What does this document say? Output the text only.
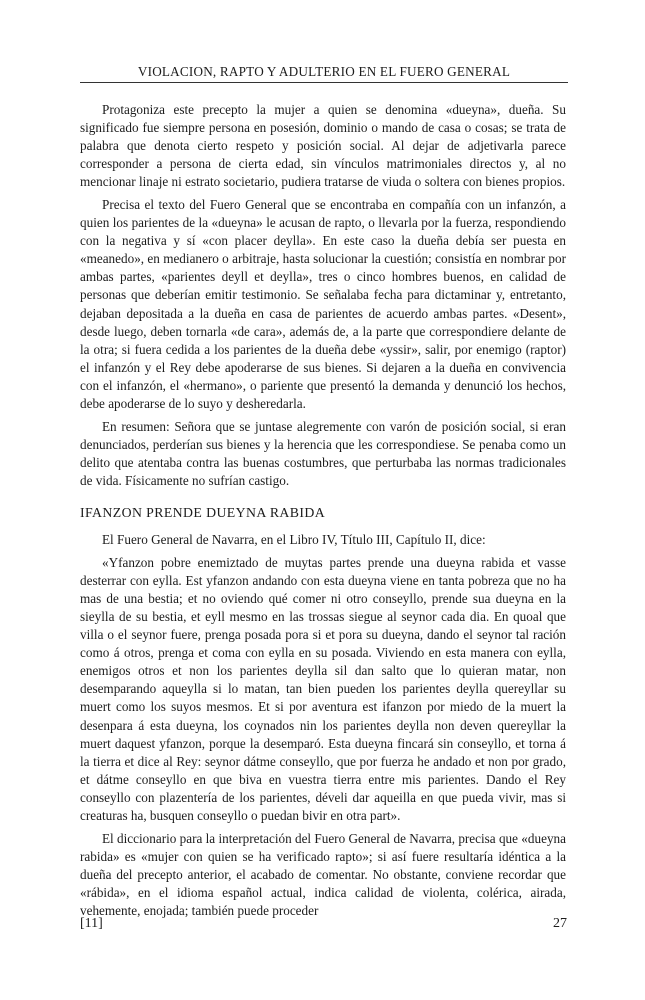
VIOLACION, RAPTO Y ADULTERIO EN EL FUERO GENERAL

Protagoniza este precepto la mujer a quien se denomina «dueyna», dueña. Su significado fue siempre persona en posesión, dominio o mando de casa o cosas; se trata de palabra que denota cierto respeto y posición social. Al dejar de adjetivarla parece corresponder a persona de cierta edad, sin vínculos matrimoniales directos y, al no mencionar linaje ni estrato societario, pudiera tratarse de viuda o soltera con bienes propios.

Precisa el texto del Fuero General que se encontraba en compañía con un infanzón, a quien los parientes de la «dueyna» le acusan de rapto, o llevarla por la fuerza, respondiendo con la negativa y sí «con placer deylla». En este caso la dueña debía ser puesta en «meanedo», en medianero o arbitraje, hasta solucionar la cuestión; consistía en nombrar por ambas partes, «parientes deyll et deylla», tres o cinco hombres buenos, en calidad de personas que deberían emitir testimonio. Se señalaba fecha para dictaminar y, entretanto, dejaban depositada a la dueña en casa de parientes de acuerdo ambas partes. «Desent», desde luego, deben tornarla «de cara», además de, a la parte que correspondiere delante de la otra; si fuera cedida a los parientes de la dueña debe «yssir», salir, por enemigo (raptor) el infanzón y el Rey debe apoderarse de sus bienes. Si dejaren a la dueña en convivencia con el infanzón, el «hermano», o pariente que presentó la demanda y denunció los hechos, debe apoderarse de lo suyo y desheredarla.

En resumen: Señora que se juntase alegremente con varón de posición social, si eran denunciados, perderían sus bienes y la herencia que les correspondiese. Se penaba como un delito que atentaba contra las buenas costumbres, que perturbaba las normas tradicionales de vida. Físicamente no sufrían castigo.

IFANZON PRENDE DUEYNA RABIDA

El Fuero General de Navarra, en el Libro IV, Título III, Capítulo II, dice:

«Yfanzon pobre enemiztado de muytas partes prende una dueyna rabida et vasse desterrar con eylla. Est yfanzon andando con esta dueyna viene en tanta pobreza que no ha mas de una bestia; et no oviendo qué comer ni otro conseyllo, prende sua dueyna en la sieylla de su bestia, et eyll mesmo en las trossas siegue al seynor cada dia. En quoal que villa o el seynor fuere, prenga posada pora si et pora su dueyna, dando el seynor tal ración como á otros, prenga et coma con eylla en su posada. Viviendo en esta manera con eylla, enemigos otros et non los parientes deylla sil dan salto que lo quieran matar, non desemparando aqueylla si lo matan, tan bien pueden los parientes deylla quereyllar su muert como los suyos mesmos. Et si por aventura est ifanzon por miedo de la muert la desenpara á esta dueyna, los coynados nin los parientes deylla non deven quereyllar la muert daquest yfanzon, porque la desemparó. Esta dueyna fincará sin conseyllo, et torna á la tierra et dice al Rey: seynor dátme conseyllo, que por fuerza he andado et non por grado, et dátme conseyllo en que biva en vuestra tierra entre mis parientes. Dando el Rey conseyllo con plazentería de los parientes, déveli dar aqueilla en que pueda vivir, mas si creaturas ha, busquen conseyllo o puedan bivir en otra part».

El diccionario para la interpretación del Fuero General de Navarra, precisa que «dueyna rabida» es «mujer con quien se ha verificado rapto»; si así fuere resultaría idéntica a la dueña del precepto anterior, el acabado de comentar. No obstante, conviene recordar que «rábida», en el idioma español actual, indica calidad de violenta, colérica, airada, vehemente, enojada; también puede proceder

[11]	27
